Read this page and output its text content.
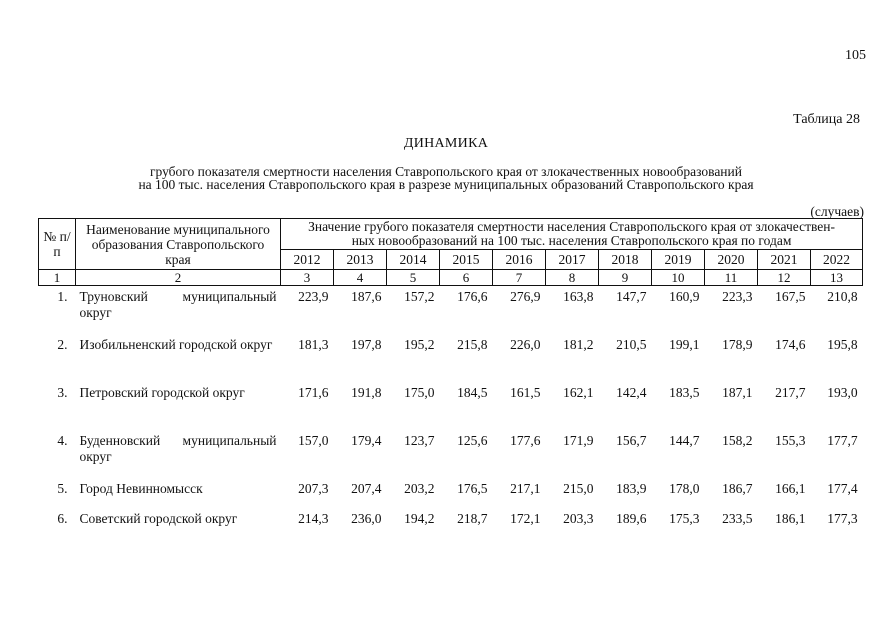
105
Таблица 28
ДИНАМИКА
грубого показателя смертности населения Ставропольского края от злокачественных новообразований
на 100 тыс. населения Ставропольского края в разрезе муниципальных образований Ставропольского края
(случаев)
№ п/п	Наименование муниципального образования Ставропольского края	Значение грубого показателя смертности населения Ставропольского края от злокачествен-
ных новообразований на 100 тыс. населения Ставропольского края по годам										

		2012	2013	2014	2015	2016	2017	2018	2019	2020	2021	2022
1	2	3	4	5	6	7	8	9	10	11	12	13
1.	Труновский муниципальный округ	223,9	187,6	157,2	176,6	276,9	163,8	147,7	160,9	223,3	167,5	210,8
2.	Изобильненский городской округ	181,3	197,8	195,2	215,8	226,0	181,2	210,5	199,1	178,9	174,6	195,8
3.	Петровский городской округ	171,6	191,8	175,0	184,5	161,5	162,1	142,4	183,5	187,1	217,7	193,0
4.	Буденновский муниципальный округ	157,0	179,4	123,7	125,6	177,6	171,9	156,7	144,7	158,2	155,3	177,7
5.	Город Невинномысск	207,3	207,4	203,2	176,5	217,1	215,0	183,9	178,0	186,7	166,1	177,4
6.	Советский городской округ	214,3	236,0	194,2	218,7	172,1	203,3	189,6	175,3	233,5	186,1	177,3
